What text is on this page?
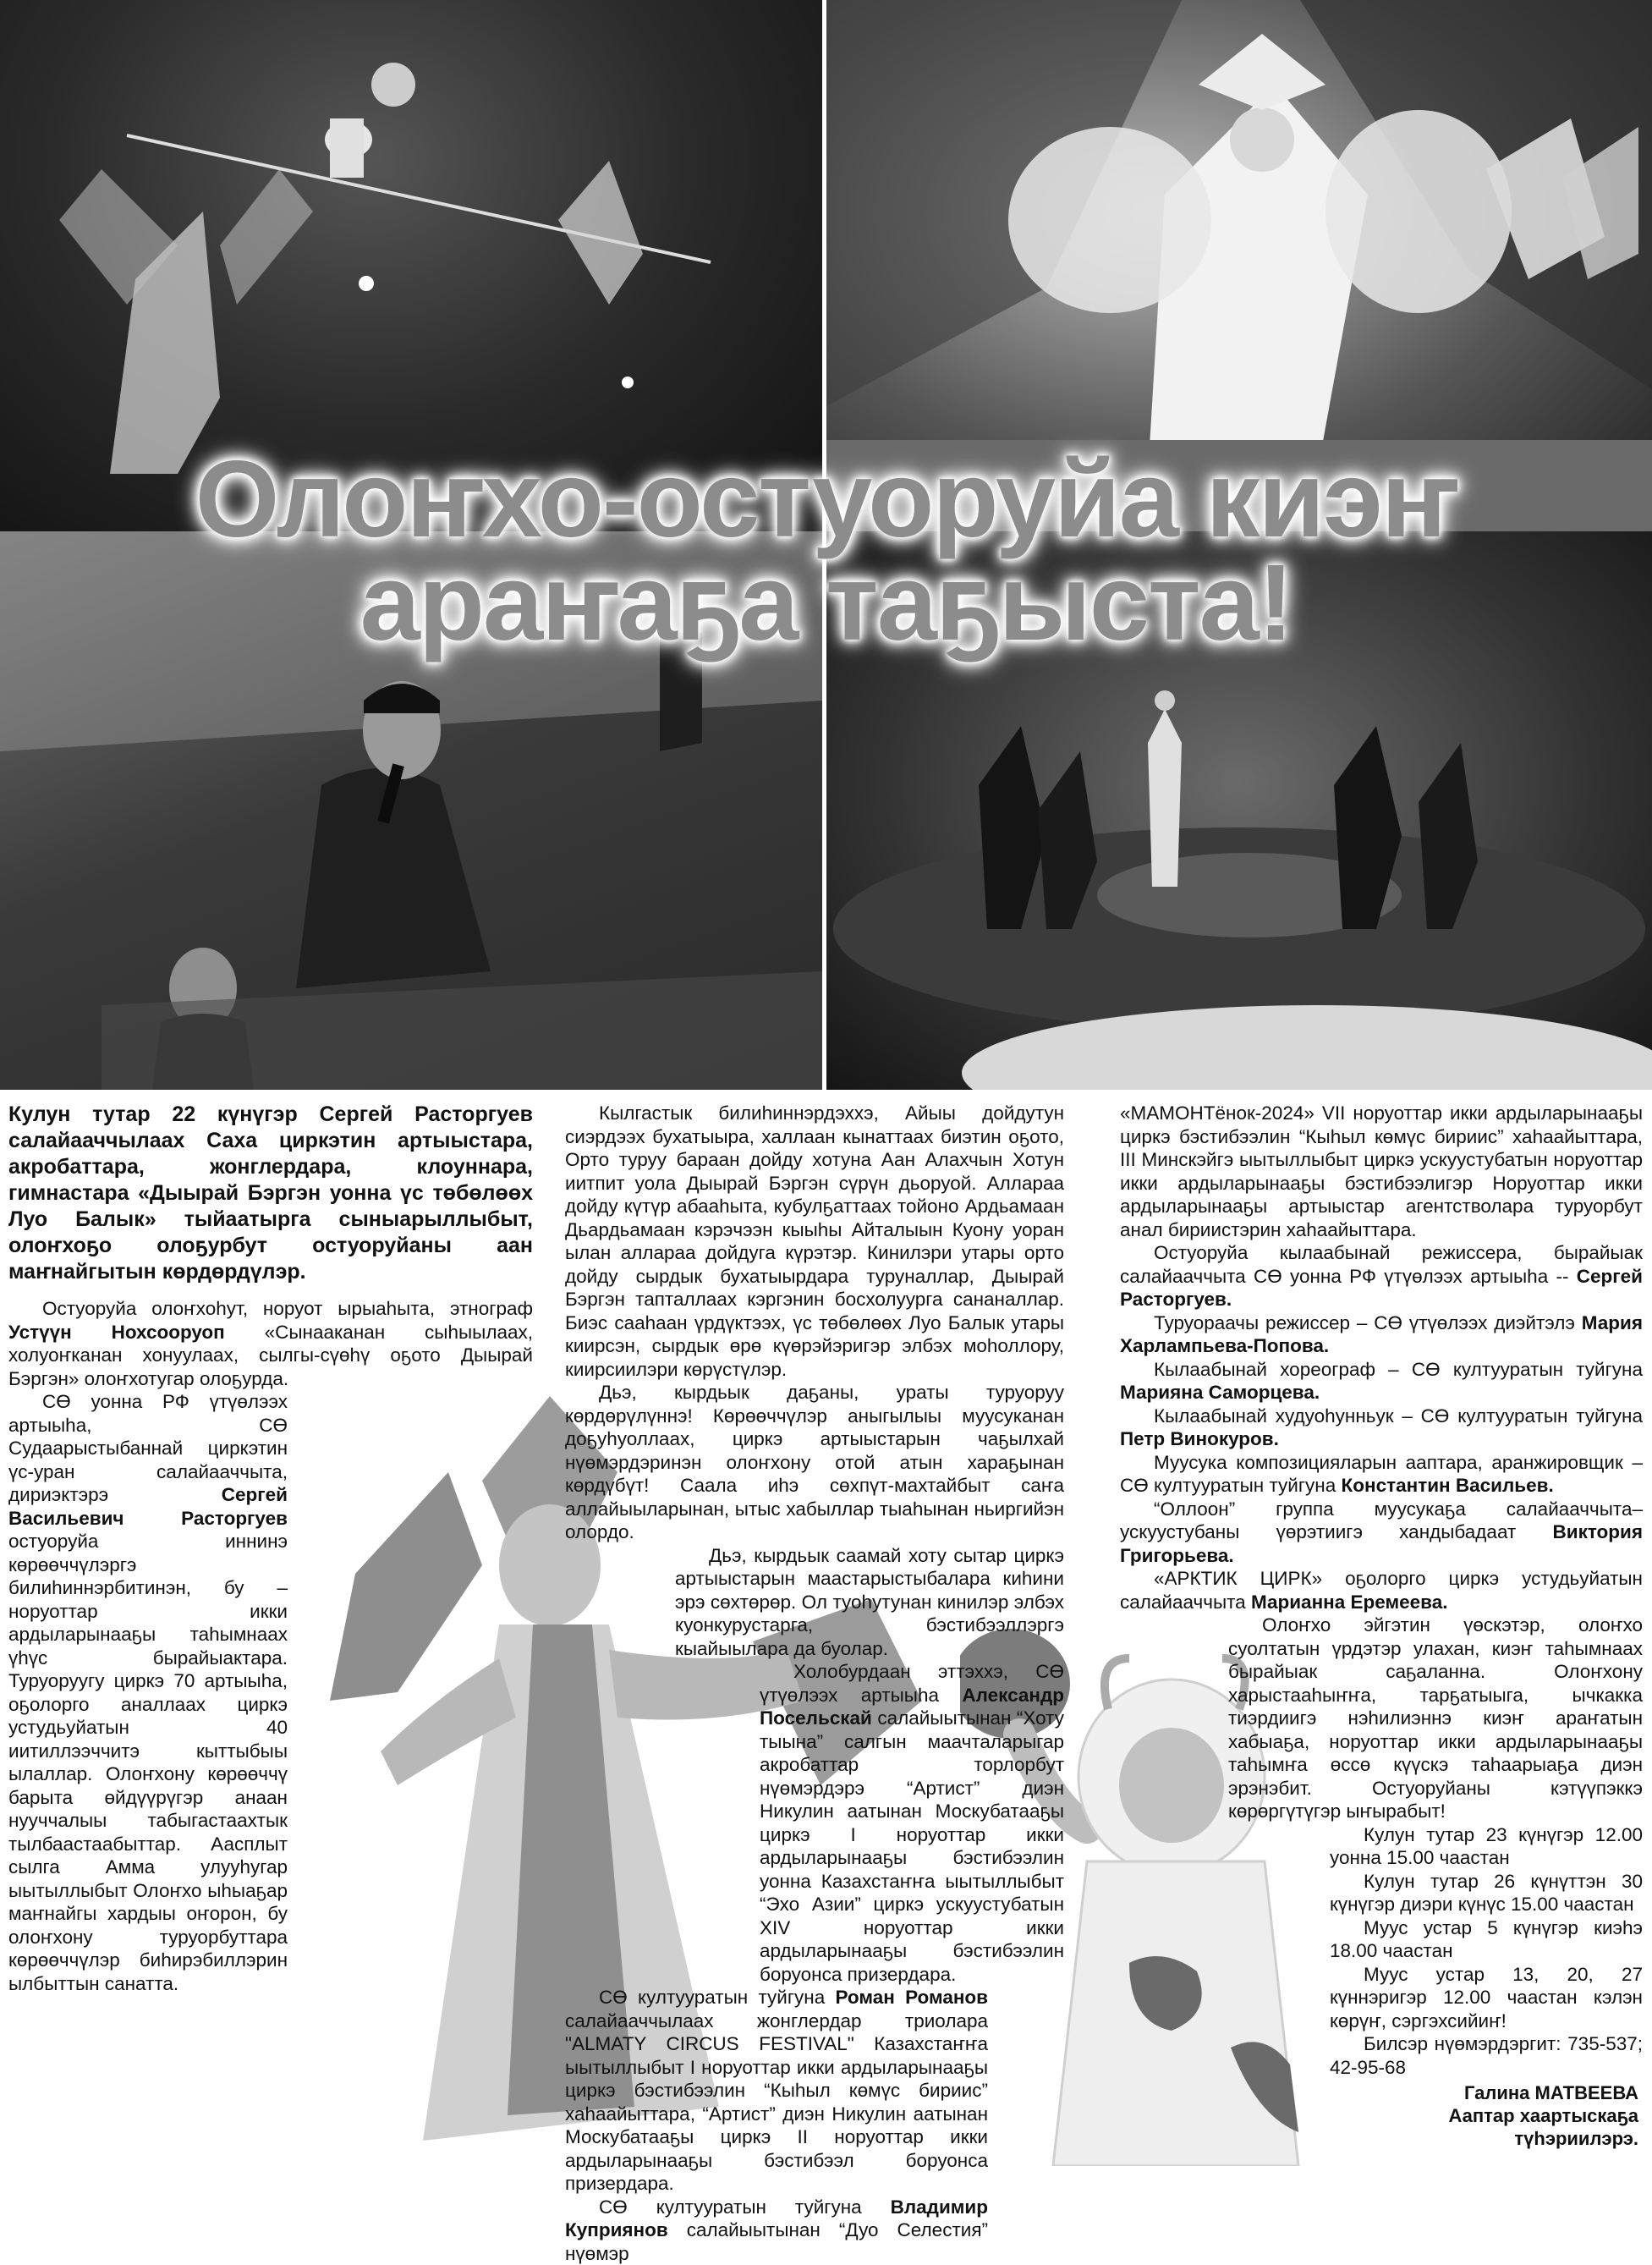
Олоҥхо-остуоруйа киэҥ
араҥаҕа таҕыста!

Кулун тутар 22 күнүгэр Сергей Расторгуев салайааччылаах Саха циркэтин артыыстара, акробаттара, жонглердара, клоуннара, гимнастара «Дыырай Бэргэн уонна үс төбөлөөх Луо Балык» тыйаатырга сыныарыллыбыт, олоҥхоҕо олоҕурбут остуоруйаны аан маҥнайгытын көрдөрдүлэр.

Остуоруйа олоҥхоһут, норуот ырыаһыта, этнограф Устүүн Нохсооруоп «Сынааканан сыһыылаах, холуоҥканан хонуулаах, сылгы-сүөһү оҕото Дыырай Бэргэн» олоҥхотугар олоҕурда.

СӨ уонна РФ үтүөлээх артыыһа, СӨ Судаарыстыбаннай циркэтин үс-уран салайааччыта, дириэктэрэ Сергей Васильевич Расторгуев остуоруйа иннинэ көрөөччүлэргэ билиһиннэрбитинэн, бу – норуоттар икки ардыларынааҕы таһымнаах үһүс бырайыактара. Туруоруугу циркэ 70 артыыһа, оҕолорго аналлаах циркэ устудьуйатын 40 иитиллээччитэ кыттыбыы ылаллар. Олоҥхону көрөөччү барыта өйдүүрүгэр анаан нууччалыы табыгастаахтык тылбаастаабыттар. Аасплыт сылга Амма улууһугар ыытыллыбыт Олоҥхо ыһыаҕар маҥнайгы хардыы оҥорон, бу олоҥхону туруорбуттара көрөөччүлэр биһирэбиллэрин ылбыттын санатта.

Кылгастык билиһиннэрдэххэ, Айыы дойдутун сиэрдээх бухатыыра, халлаан кынаттаах биэтин оҕото, Орто туруу бараан дойду хотуна Аан Алахчын Хотун иитпит уола Дыырай Бэргэн сүрүн дьоруой. Аллараа дойду күтүр абааһыта, кубулҕаттаах тойоно Ардьамаан Дьардьамаан кэрэчээн кыыһы Айталыын Куону уоран ылан аллараа дойдуга күрэтэр. Кинилэри утары орто дойду сырдык бухатыырдара туруналлар, Дыырай Бэргэн тапталлаах кэргэнин босхолуурга сананаллар. Биэс сааһаан үрдүктээх, үс төбөлөөх Луо Балык утары киирсэн, сырдык өрө күөрэйэригэр элбэх моһоллору, киирсиилэри көрүстүлэр.

Дьэ, кырдьык даҕаны, ураты туруоруу көрдөрүлүннэ! Көрөөччүлэр аныгылыы муусуканан доҕуһуоллаах, циркэ артыыстарын чаҕылхай нүөмэрдэринэн олоҥхону отой атын хараҕынан көрдүбүт! Саала иһэ сөхпүт-махтайбыт саҥа аллайыыларынан, ытыс хабыллар тыаһынан ньиргийэн олордо.

Дьэ, кырдьык саамай хоту сытар циркэ артыыстарын маастарыстыбалара киһини эрэ сөхтөрөр. Ол туоһутунан кинилэр элбэх куонкурустарга, бэстибээллэргэ кыайыылара да буолар.

Холобурдаан эттэххэ, СӨ үтүөлээх артыыһа Александр Посельскай салайыытынан “Хоту тыына” салгын маачталарыгар акробаттар торлорбут нүөмэрдэрэ “Артист” диэн Никулин аатынан Москубатааҕы циркэ I норуоттар икки ардыларынааҕы бэстибээлин уонна Казахстаҥҥа ыытыллыбыт “Эхо Азии” циркэ ускуустубатын XIV норуоттар икки ардыларынааҕы бэстибээлин боруонса призердара.

СӨ култууратын туйгуна Роман Романов салайааччылаах жонглердар триолара "ALMATY CIRCUS FESTIVAL" Казахстаҥҥа ыытыллыбыт I норуоттар икки ардыларынааҕы циркэ бэстибээлин “Кыһыл көмүс бириис” хаһаайыттара, “Артист” диэн Никулин аатынан Москубатааҕы циркэ II норуоттар икки ардыларынааҕы бэстибээл боруонса призердара.

СӨ култууратын туйгуна Владимир Куприянов салайыытынан “Дуо Селестия” нүөмэр

«МАМОНТёнок-2024» VII норуоттар икки ардыларынааҕы циркэ бэстибээлин “Кыһыл көмүс бириис” хаһаайыттара, III Минскэйгэ ыытыллыбыт циркэ ускуустубатын норуоттар икки ардыларынааҕы бэстибээлигэр Норуоттар икки ардыларынааҕы артыыстар агентстволара туруорбут анал бириистэрин хаһаайыттара.

Остуоруйа кылаабынай режиссера, бырайыак салайааччыта СӨ уонна РФ үтүөлээх артыыһа -- Сергей Расторгуев.

Туруораачы режиссер – СӨ үтүөлээх диэйтэлэ Мария Харлампьева-Попова.

Кылаабынай хореограф – СӨ култууратын туйгуна Марияна Саморцева.

Кылаабынай худуоһунньук – СӨ култууратын туйгуна Петр Винокуров.

Муусука композицияларын ааптара, аранжировщик – СӨ култууратын туйгуна Константин Васильев.

“Оллоон” группа муусукаҕа салайааччыта– ускуустубаны үөрэтиигэ хандыбадаат Виктория Григорьева.

«АРКТИК ЦИРК» оҕолорго циркэ устудьуйатын салайааччыта Марианна Еремеева.

Олоҥхо эйгэтин үөскэтэр, олоҥхо суолтатын үрдэтэр улахан, киэҥ таһымнаах бырайыак саҕаланна. Олоҥхону харыстааһыҥҥа, тарҕатыыга, ычкакка тиэрдиигэ нэһилиэннэ киэҥ араҥатын хабыаҕа, норуоттар икки ардыларынааҕы таһымҥа өссө күүскэ таһаарыаҕа диэн эрэнэбит. Остуоруйаны кэтүүпэккэ көрөргүтүгэр ыҥырабыт!

Кулун тутар 23 күнүгэр 12.00 уонна 15.00 чаастан

Кулун тутар 26 күнүттэн 30 күнүгэр диэри күнүс 15.00 чаастан

Муус устар 5 күнүгэр киэһэ 18.00 чаастан

Муус устар 13, 20, 27 күннэригэр 12.00 чаастан кэлэн көрүҥ, сэргэхсийиҥ!

Билсэр нүөмэрдэргит: 735-537; 42-95-68

Галина МАТВЕЕВА
Ааптар хаартыскаҕа
түһэриилэрэ.
